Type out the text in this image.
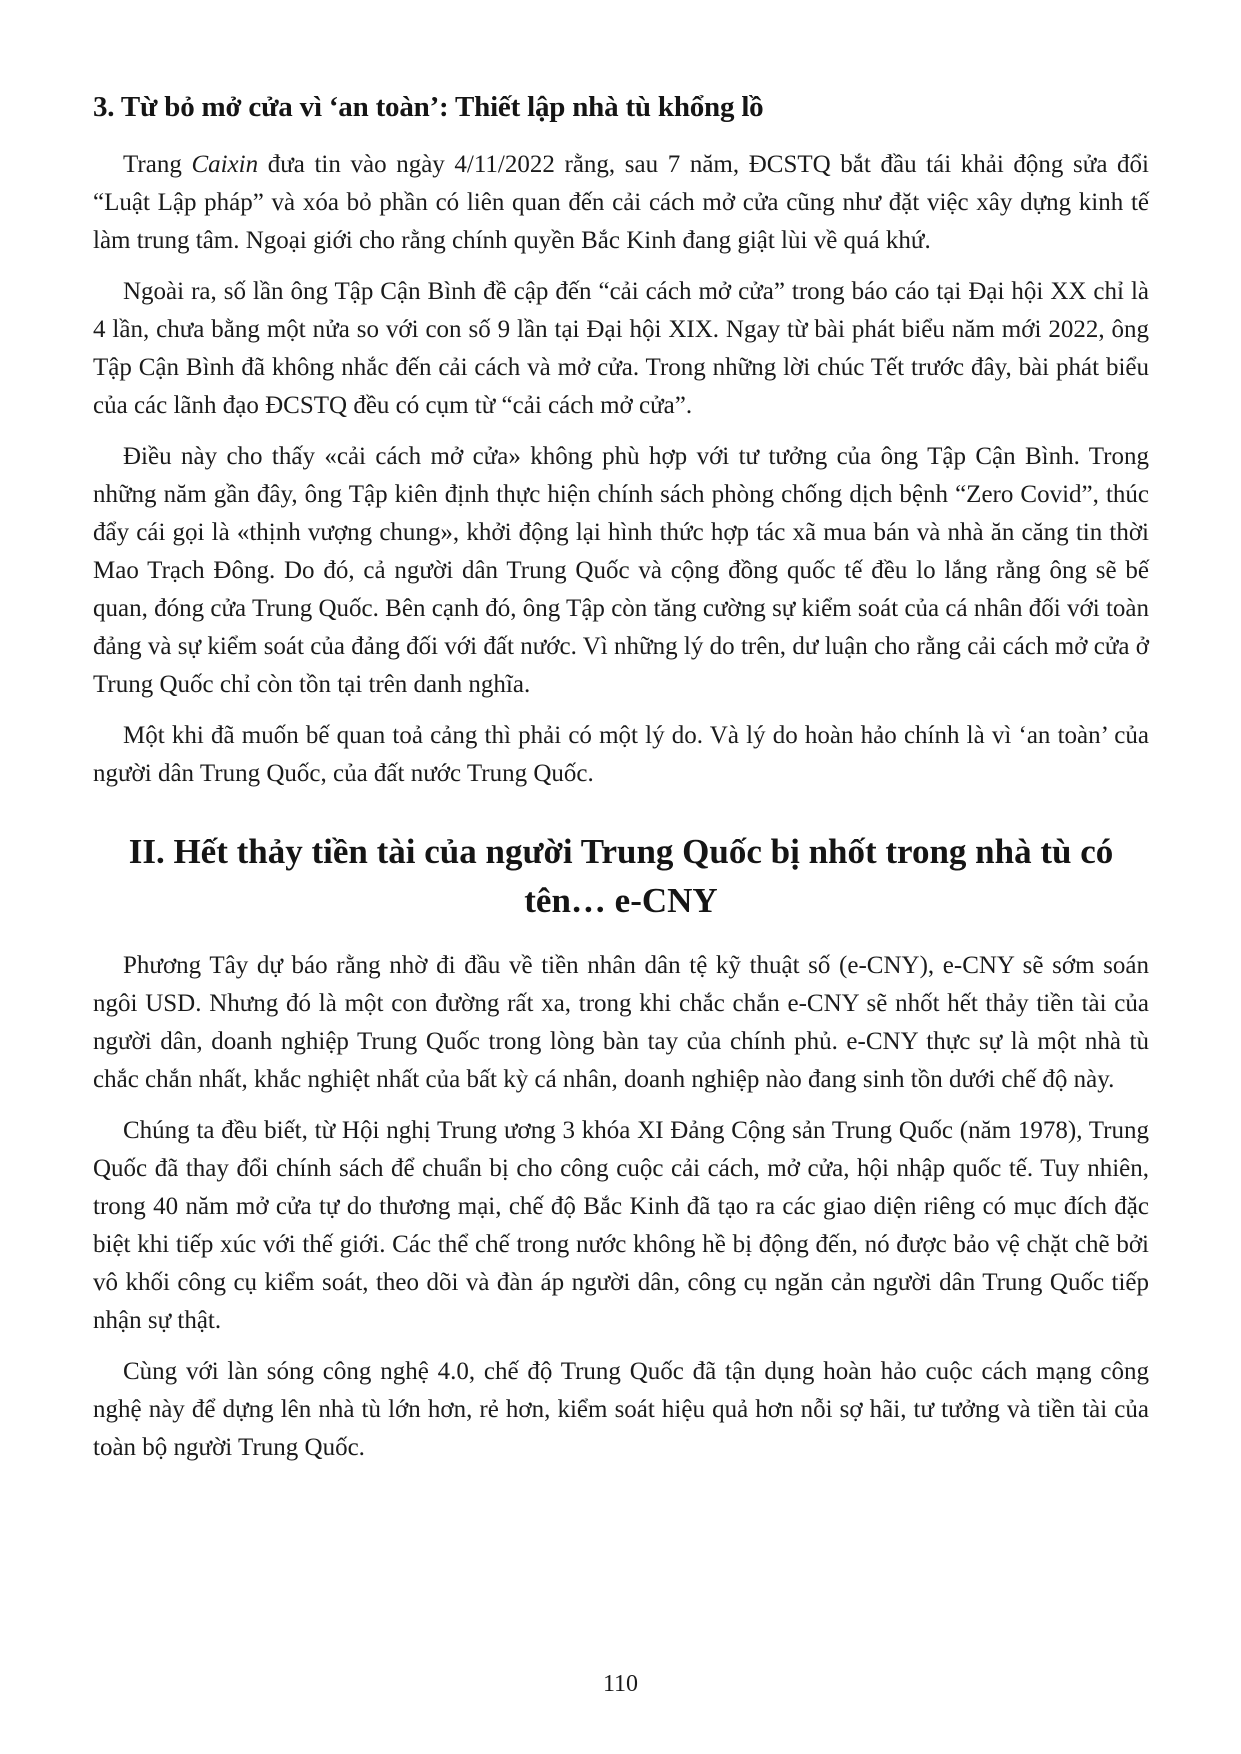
3. Từ bỏ mở cửa vì ‘an toàn’: Thiết lập nhà tù khổng lồ

Trang Caixin đưa tin vào ngày 4/11/2022 rằng, sau 7 năm, ĐCSTQ bắt đầu tái khải động sửa đổi “Luật Lập pháp” và xóa bỏ phần có liên quan đến cải cách mở cửa cũng như đặt việc xây dựng kinh tế làm trung tâm. Ngoại giới cho rằng chính quyền Bắc Kinh đang giật lùi về quá khứ.

Ngoài ra, số lần ông Tập Cận Bình đề cập đến “cải cách mở cửa” trong báo cáo tại Đại hội XX chỉ là 4 lần, chưa bằng một nửa so với con số 9 lần tại Đại hội XIX. Ngay từ bài phát biểu năm mới 2022, ông Tập Cận Bình đã không nhắc đến cải cách và mở cửa. Trong những lời chúc Tết trước đây, bài phát biểu của các lãnh đạo ĐCSTQ đều có cụm từ “cải cách mở cửa”.

Điều này cho thấy «cải cách mở cửa» không phù hợp với tư tưởng của ông Tập Cận Bình. Trong những năm gần đây, ông Tập kiên định thực hiện chính sách phòng chống dịch bệnh “Zero Covid”, thúc đẩy cái gọi là «thịnh vượng chung», khởi động lại hình thức hợp tác xã mua bán và nhà ăn căng tin thời Mao Trạch Đông. Do đó, cả người dân Trung Quốc và cộng đồng quốc tế đều lo lắng rằng ông sẽ bế quan, đóng cửa Trung Quốc. Bên cạnh đó, ông Tập còn tăng cường sự kiểm soát của cá nhân đối với toàn đảng và sự kiểm soát của đảng đối với đất nước. Vì những lý do trên, dư luận cho rằng cải cách mở cửa ở Trung Quốc chỉ còn tồn tại trên danh nghĩa.

Một khi đã muốn bế quan toả cảng thì phải có một lý do. Và lý do hoàn hảo chính là vì ‘an toàn’ của người dân Trung Quốc, của đất nước Trung Quốc.

II. Hết thảy tiền tài của người Trung Quốc bị nhốt trong nhà tù có tên… e-CNY

Phương Tây dự báo rằng nhờ đi đầu về tiền nhân dân tệ kỹ thuật số (e-CNY), e-CNY sẽ sớm soán ngôi USD. Nhưng đó là một con đường rất xa, trong khi chắc chắn e-CNY sẽ nhốt hết thảy tiền tài của người dân, doanh nghiệp Trung Quốc trong lòng bàn tay của chính phủ. e-CNY thực sự là một nhà tù chắc chắn nhất, khắc nghiệt nhất của bất kỳ cá nhân, doanh nghiệp nào đang sinh tồn dưới chế độ này.

Chúng ta đều biết, từ Hội nghị Trung ương 3 khóa XI Đảng Cộng sản Trung Quốc (năm 1978), Trung Quốc đã thay đổi chính sách để chuẩn bị cho công cuộc cải cách, mở cửa, hội nhập quốc tế. Tuy nhiên, trong 40 năm mở cửa tự do thương mại, chế độ Bắc Kinh đã tạo ra các giao diện riêng có mục đích đặc biệt khi tiếp xúc với thế giới. Các thể chế trong nước không hề bị động đến, nó được bảo vệ chặt chẽ bởi vô khối công cụ kiểm soát, theo dõi và đàn áp người dân, công cụ ngăn cản người dân Trung Quốc tiếp nhận sự thật.

Cùng với làn sóng công nghệ 4.0, chế độ Trung Quốc đã tận dụng hoàn hảo cuộc cách mạng công nghệ này để dựng lên nhà tù lớn hơn, rẻ hơn, kiểm soát hiệu quả hơn nỗi sợ hãi, tư tưởng và tiền tài của toàn bộ người Trung Quốc.

110
